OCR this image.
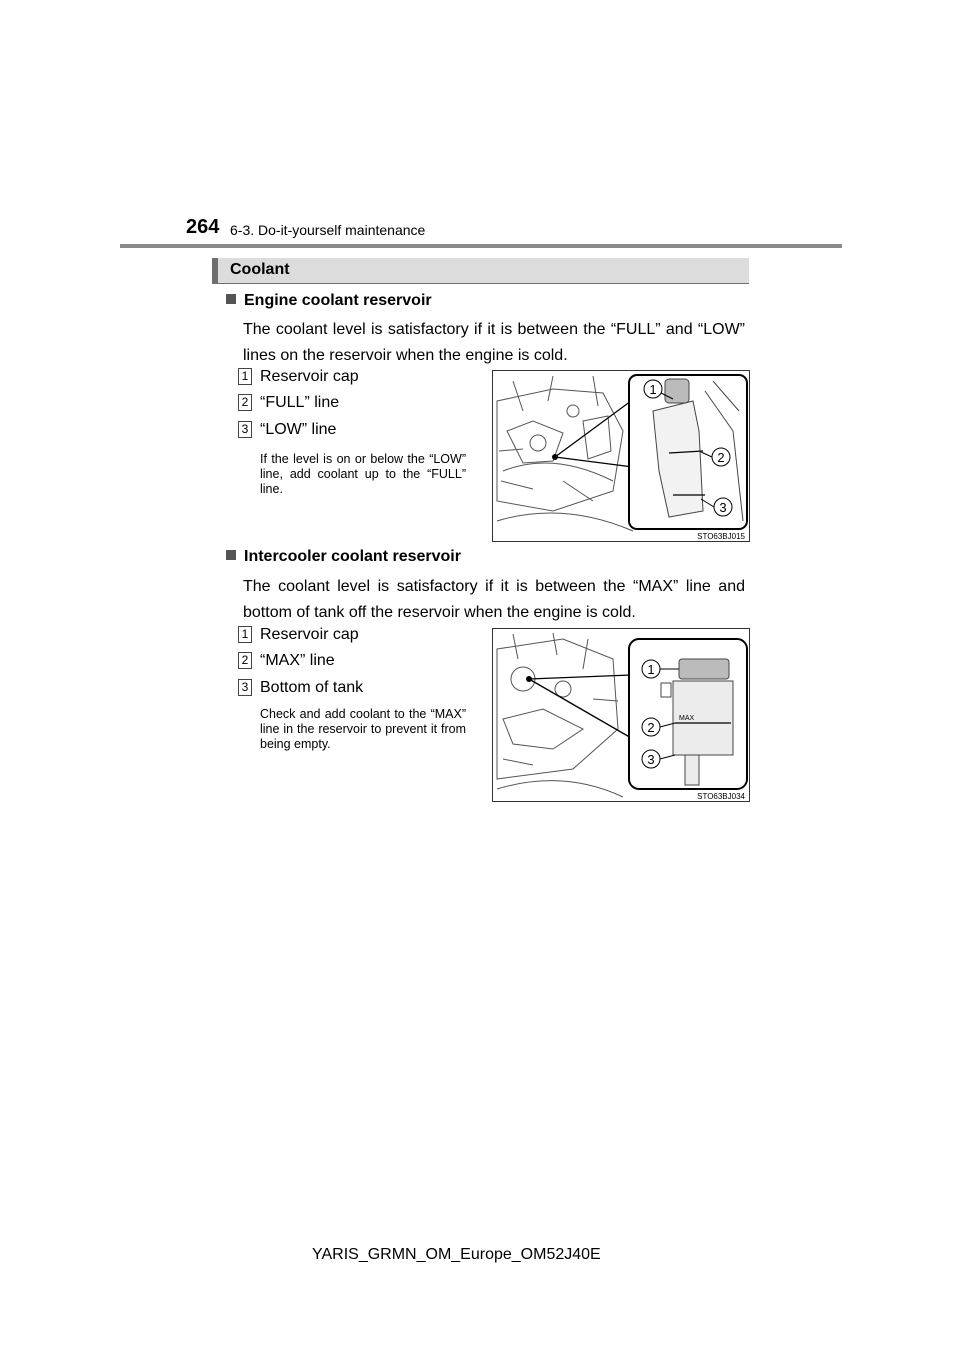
264 6-3. Do-it-yourself maintenance
Coolant
Engine coolant reservoir
The coolant level is satisfactory if it is between the “FULL” and “LOW” lines on the reservoir when the engine is cold.
1 Reservoir cap
2 “FULL” line
3 “LOW” line
If the level is on or below the “LOW” line, add coolant up to the “FULL” line.
1
2
3
STO63BJ015
Intercooler coolant reservoir
The coolant level is satisfactory if it is between the “MAX” line and bottom of tank off the reservoir when the engine is cold.
1 Reservoir cap
2 “MAX” line
3 Bottom of tank
Check and add coolant to the “MAX” line in the reservoir to prevent it from being empty.
MAX
1
2
3
STO63BJ034
YARIS_GRMN_OM_Europe_OM52J40E
